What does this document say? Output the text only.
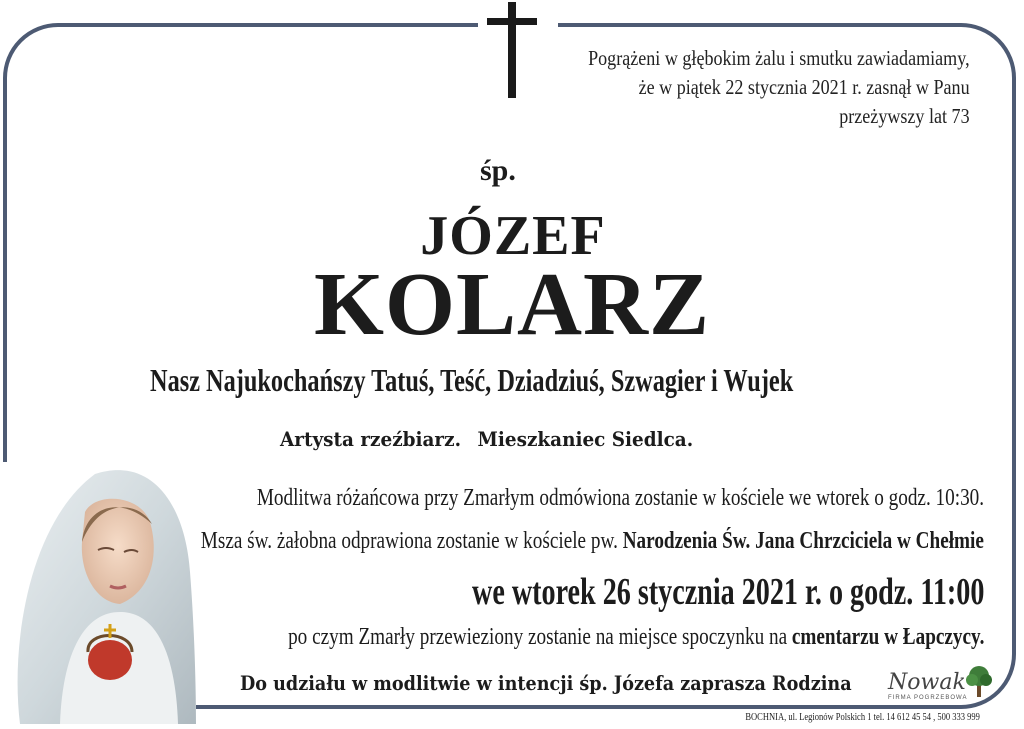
Pogrążeni w głębokim żalu i smutku zawiadamiamy,
że w piątek 22 stycznia 2021 r. zasnął w Panu
przeżywszy lat 73
śp.
JÓZEF
KOLARZ
Nasz Najukochańszy Tatuś, Teść, Dziadziuś, Szwagier i Wujek
Artysta rzeźbiarz. Mieszkaniec Siedlca.
Modlitwa różańcowa przy Zmarłym odmówiona zostanie w kościele we wtorek o godz. 10:30.
Msza św. żałobna odprawiona zostanie w kościele pw. Narodzenia Św. Jana Chrzciciela w Chełmie
we wtorek 26 stycznia 2021 r. o godz. 11:00
po czym Zmarły przewieziony zostanie na miejsce spoczynku na cmentarzu w Łapczycy.
Do udziału w modlitwie w intencji śp. Józefa zaprasza Rodzina Nowak
FIRMA POGRZEBOWA
BOCHNIA, ul. Legionów Polskich 1 tel. 14 612 45 54 , 500 333 999
